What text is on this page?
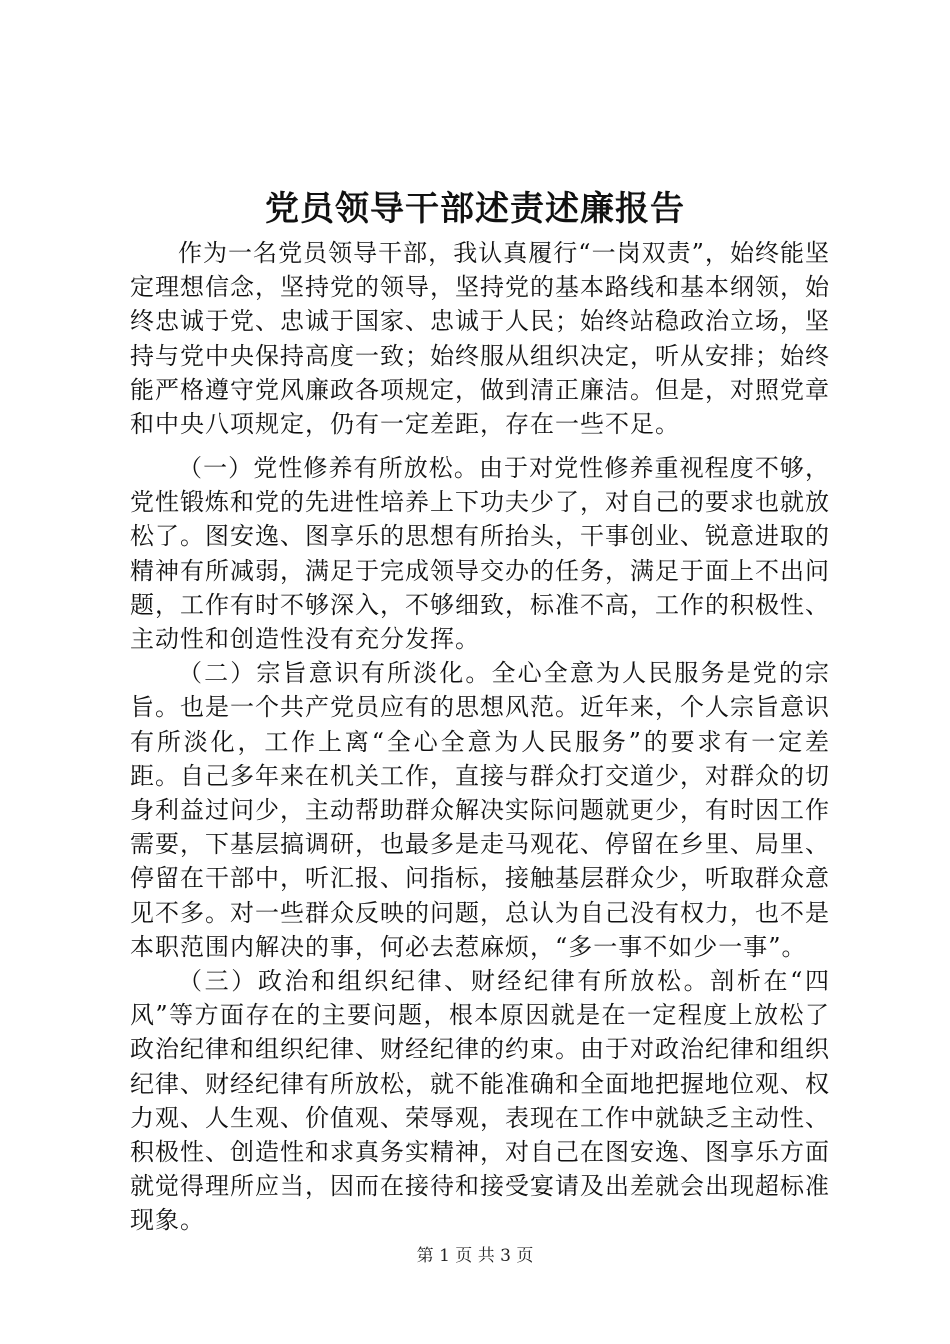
党员领导干部述责述廉报告

作为一名党员领导干部，我认真履行“一岗双责”，始终能坚定理想信念，坚持党的领导，坚持党的基本路线和基本纲领，始终忠诚于党、忠诚于国家、忠诚于人民；始终站稳政治立场，坚持与党中央保持高度一致；始终服从组织决定，听从安排；始终能严格遵守党风廉政各项规定，做到清正廉洁。但是，对照党章和中央八项规定，仍有一定差距，存在一些不足。

（一）党性修养有所放松。由于对党性修养重视程度不够，党性锻炼和党的先进性培养上下功夫少了，对自己的要求也就放松了。图安逸、图享乐的思想有所抬头，干事创业、锐意进取的精神有所减弱，满足于完成领导交办的任务，满足于面上不出问题，工作有时不够深入，不够细致，标准不高，工作的积极性、主动性和创造性没有充分发挥。

（二）宗旨意识有所淡化。全心全意为人民服务是党的宗旨。也是一个共产党员应有的思想风范。近年来，个人宗旨意识有所淡化，工作上离“全心全意为人民服务”的要求有一定差距。自己多年来在机关工作，直接与群众打交道少，对群众的切身利益过问少，主动帮助群众解决实际问题就更少，有时因工作需要，下基层搞调研，也最多是走马观花、停留在乡里、局里、停留在干部中，听汇报、问指标，接触基层群众少，听取群众意见不多。对一些群众反映的问题，总认为自己没有权力，也不是本职范围内解决的事，何必去惹麻烦，“多一事不如少一事”。

（三）政治和组织纪律、财经纪律有所放松。剖析在“四风”等方面存在的主要问题，根本原因就是在一定程度上放松了政治纪律和组织纪律、财经纪律的约束。由于对政治纪律和组织纪律、财经纪律有所放松，就不能准确和全面地把握地位观、权力观、人生观、价值观、荣辱观，表现在工作中就缺乏主动性、积极性、创造性和求真务实精神，对自己在图安逸、图享乐方面就觉得理所应当，因而在接待和接受宴请及出差就会出现超标准现象。

第 1 页 共 3 页
